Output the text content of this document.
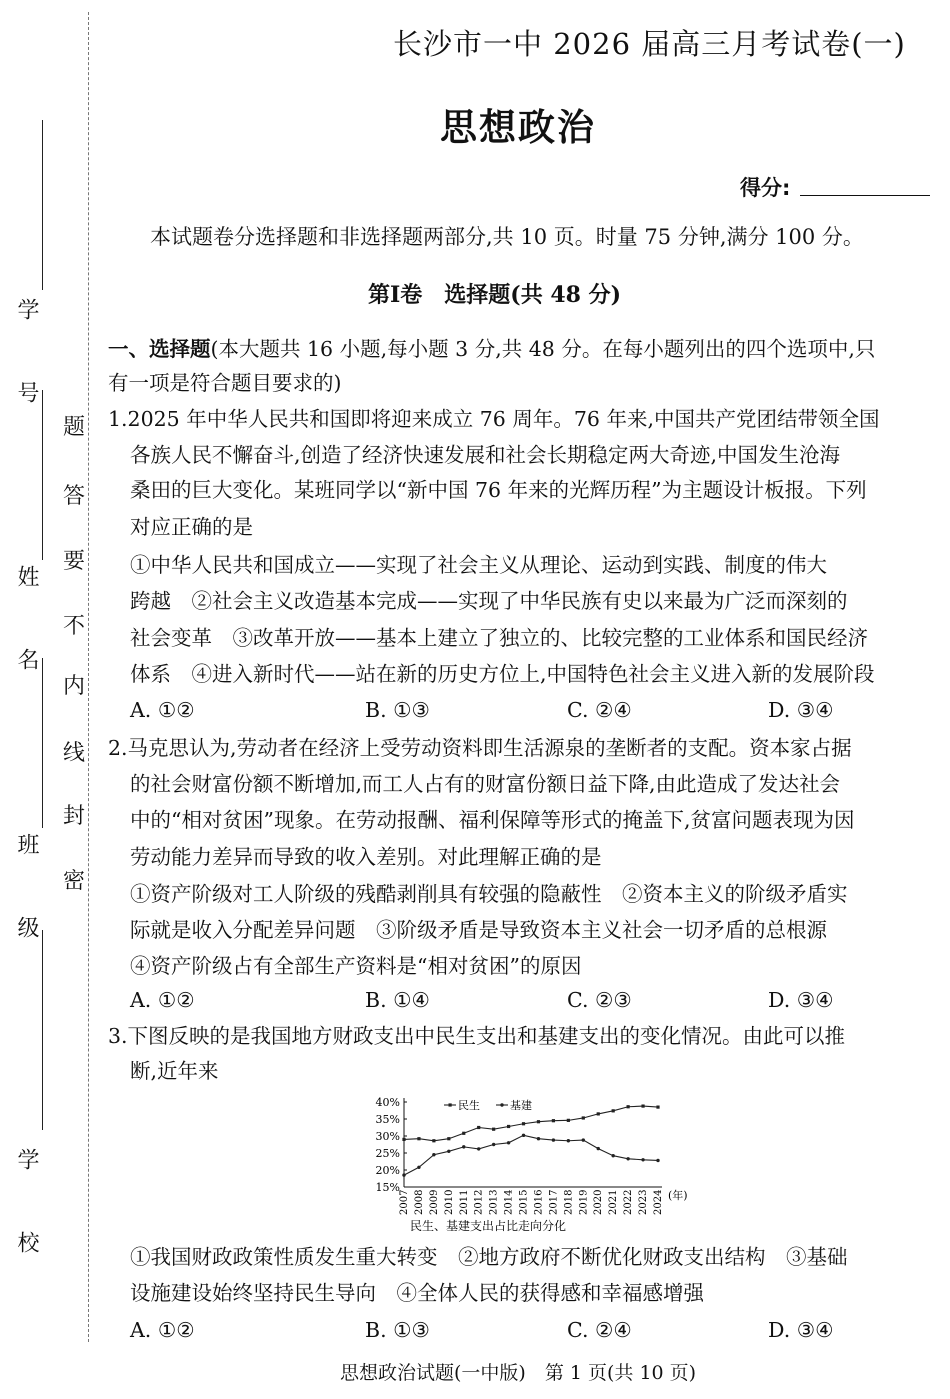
学 号
姓 名
班 级
学 校
密
封
线
内
不
要
答
题
长沙市一中 2026 届高三月考试卷(一)
思想政治
得分:
本试题卷分选择题和非选择题两部分,共 10 页。时量 75 分钟,满分 100 分。
第Ⅰ卷　选择题(共 48 分)
一、选择题(本大题共 16 小题,每小题 3 分,共 48 分。在每小题列出的四个选项中,只
有一项是符合题目要求的)
1.2025 年中华人民共和国即将迎来成立 76 周年。76 年来,中国共产党团结带领全国
各族人民不懈奋斗,创造了经济快速发展和社会长期稳定两大奇迹,中国发生沧海
桑田的巨大变化。某班同学以“新中国 76 年来的光辉历程”为主题设计板报。下列
对应正确的是
①中华人民共和国成立——实现了社会主义从理论、运动到实践、制度的伟大
跨越　②社会主义改造基本完成——实现了中华民族有史以来最为广泛而深刻的
社会变革　③改革开放——基本上建立了独立的、比较完整的工业体系和国民经济
体系　④进入新时代——站在新的历史方位上,中国特色社会主义进入新的发展阶段
A. ①②	B. ①③	C. ②④	D. ③④
2.马克思认为,劳动者在经济上受劳动资料即生活源泉的垄断者的支配。资本家占据
的社会财富份额不断增加,而工人占有的财富份额日益下降,由此造成了发达社会
中的“相对贫困”现象。在劳动报酬、福利保障等形式的掩盖下,贫富问题表现为因
劳动能力差异而导致的收入差别。对此理解正确的是
①资产阶级对工人阶级的残酷剥削具有较强的隐蔽性　②资本主义的阶级矛盾实
际就是收入分配差异问题　③阶级矛盾是导致资本主义社会一切矛盾的总根源
④资产阶级占有全部生产资料是“相对贫困”的原因
A. ①②	B. ①④	C. ②③	D. ③④
3.下图反映的是我国地方财政支出中民生支出和基建支出的变化情况。由此可以推
断,近年来
①我国财政政策性质发生重大转变　②地方政府不断优化财政支出结构　③基础
设施建设始终坚持民生导向　④全体人民的获得感和幸福感增强
A. ①②	B. ①③	C. ②④	D. ③④
15%
20%
25%
30%
35%
40%
2007 2008 2009 2010 2011 2012 2013 2014 2015 2016 2017 2018 2019 2020 2021 2022 2023 2024 (年)
民生	基建
民生、基建支出占比走向分化
思想政治试题(一中版)　第 1 页(共 10 页)
